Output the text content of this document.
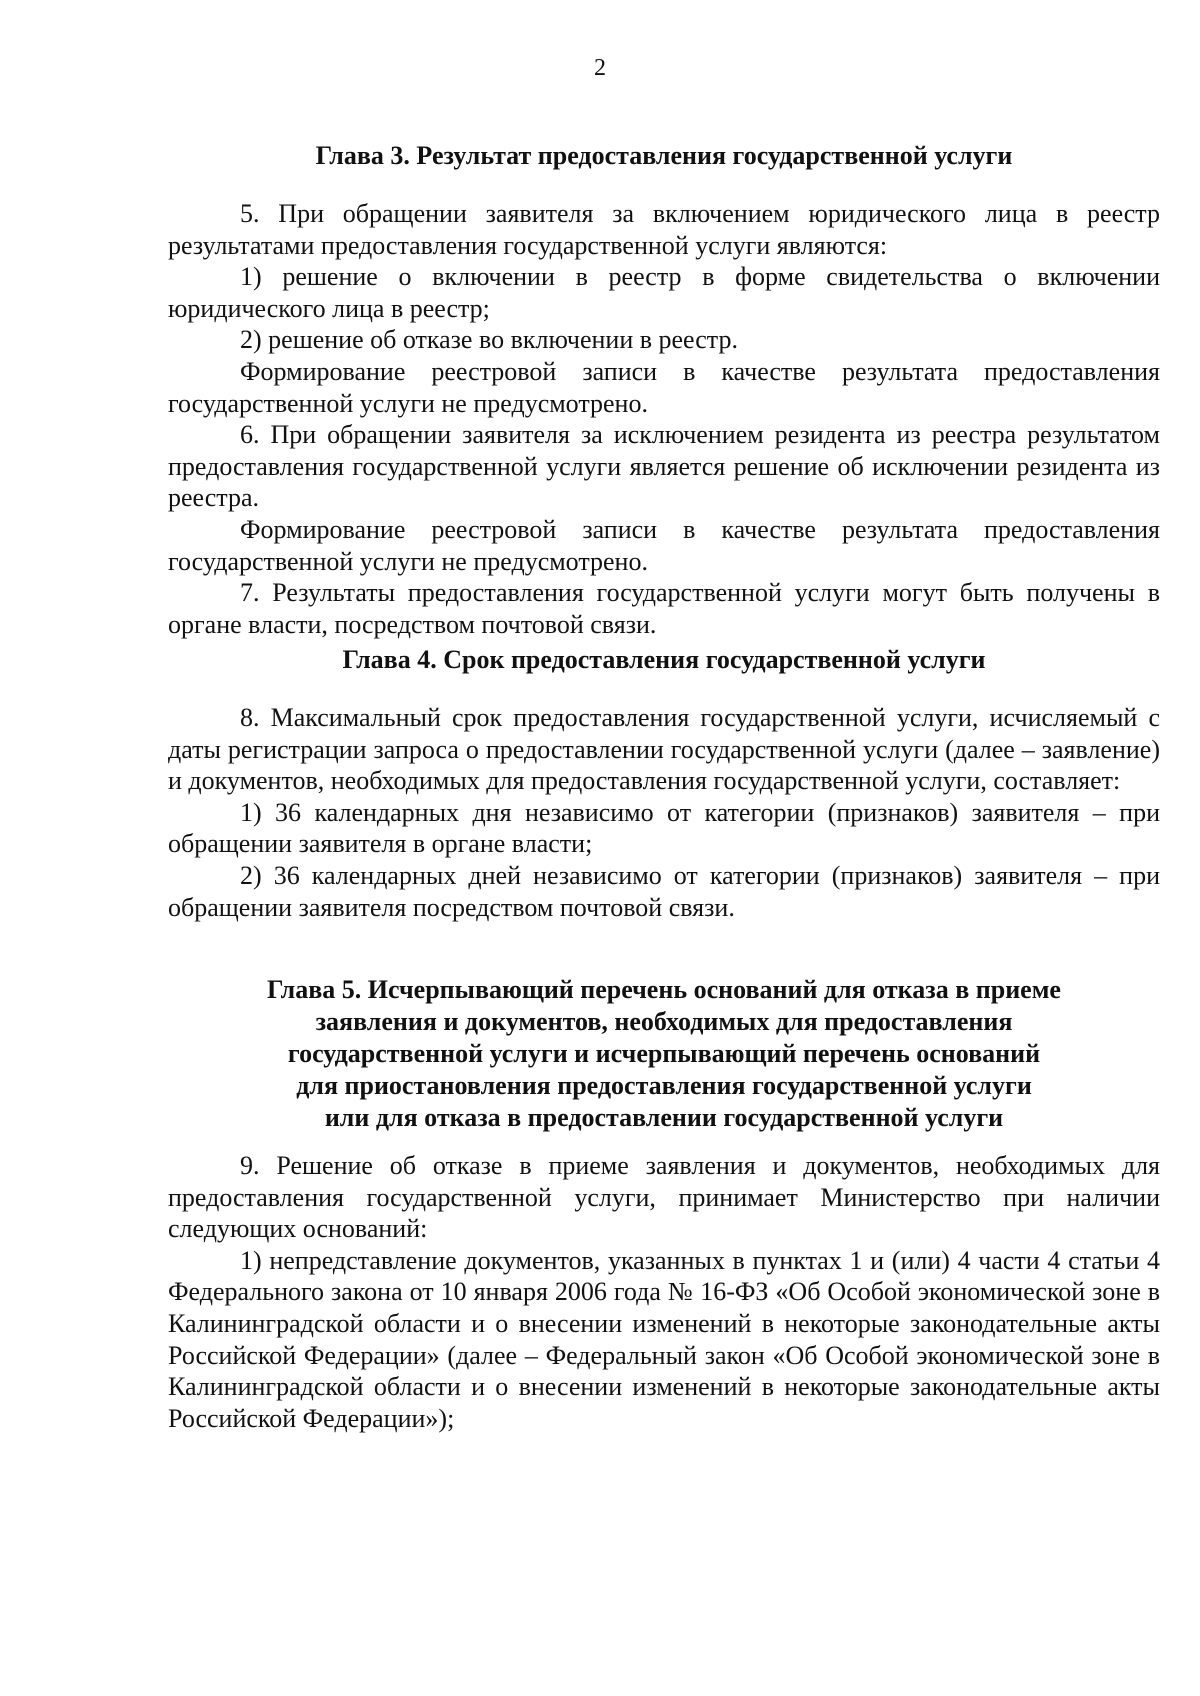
2
Глава 3. Результат предоставления государственной услуги

5. При обращении заявителя за включением юридического лица в реестр результатами предоставления государственной услуги являются:

1) решение о включении в реестр в форме свидетельства о включении юридического лица в реестр;

2) решение об отказе во включении в реестр.

Формирование реестровой записи в качестве результата предоставления государственной услуги не предусмотрено.

6. При обращении заявителя за исключением резидента из реестра результатом предоставления государственной услуги является решение об исключении резидента из реестра.

Формирование реестровой записи в качестве результата предоставления государственной услуги не предусмотрено.

7. Результаты предоставления государственной услуги могут быть получены в органе власти, посредством почтовой связи.

Глава 4. Срок предоставления государственной услуги

8. Максимальный срок предоставления государственной услуги, исчисляемый с даты регистрации запроса о предоставлении государственной услуги (далее – заявление) и документов, необходимых для предоставления государственной услуги, составляет:

1) 36 календарных дня независимо от категории (признаков) заявителя – при обращении заявителя в органе власти;

2) 36 календарных дней независимо от категории (признаков) заявителя – при обращении заявителя посредством почтовой связи.

Глава 5. Исчерпывающий перечень оснований для отказа в приеме
заявления и документов, необходимых для предоставления
государственной услуги и исчерпывающий перечень оснований
для приостановления предоставления государственной услуги
или для отказа в предоставлении государственной услуги

9. Решение об отказе в приеме заявления и документов, необходимых для предоставления государственной услуги, принимает Министерство при наличии следующих оснований:

1) непредставление документов, указанных в пунктах 1 и (или) 4 части 4 статьи 4 Федерального закона от 10 января 2006 года № 16-ФЗ «Об Особой экономической зоне в Калининградской области и о внесении изменений в некоторые законодательные акты Российской Федерации» (далее – Федеральный закон «Об Особой экономической зоне в Калининградской области и о внесении изменений в некоторые законодательные акты Российской Федерации»);
